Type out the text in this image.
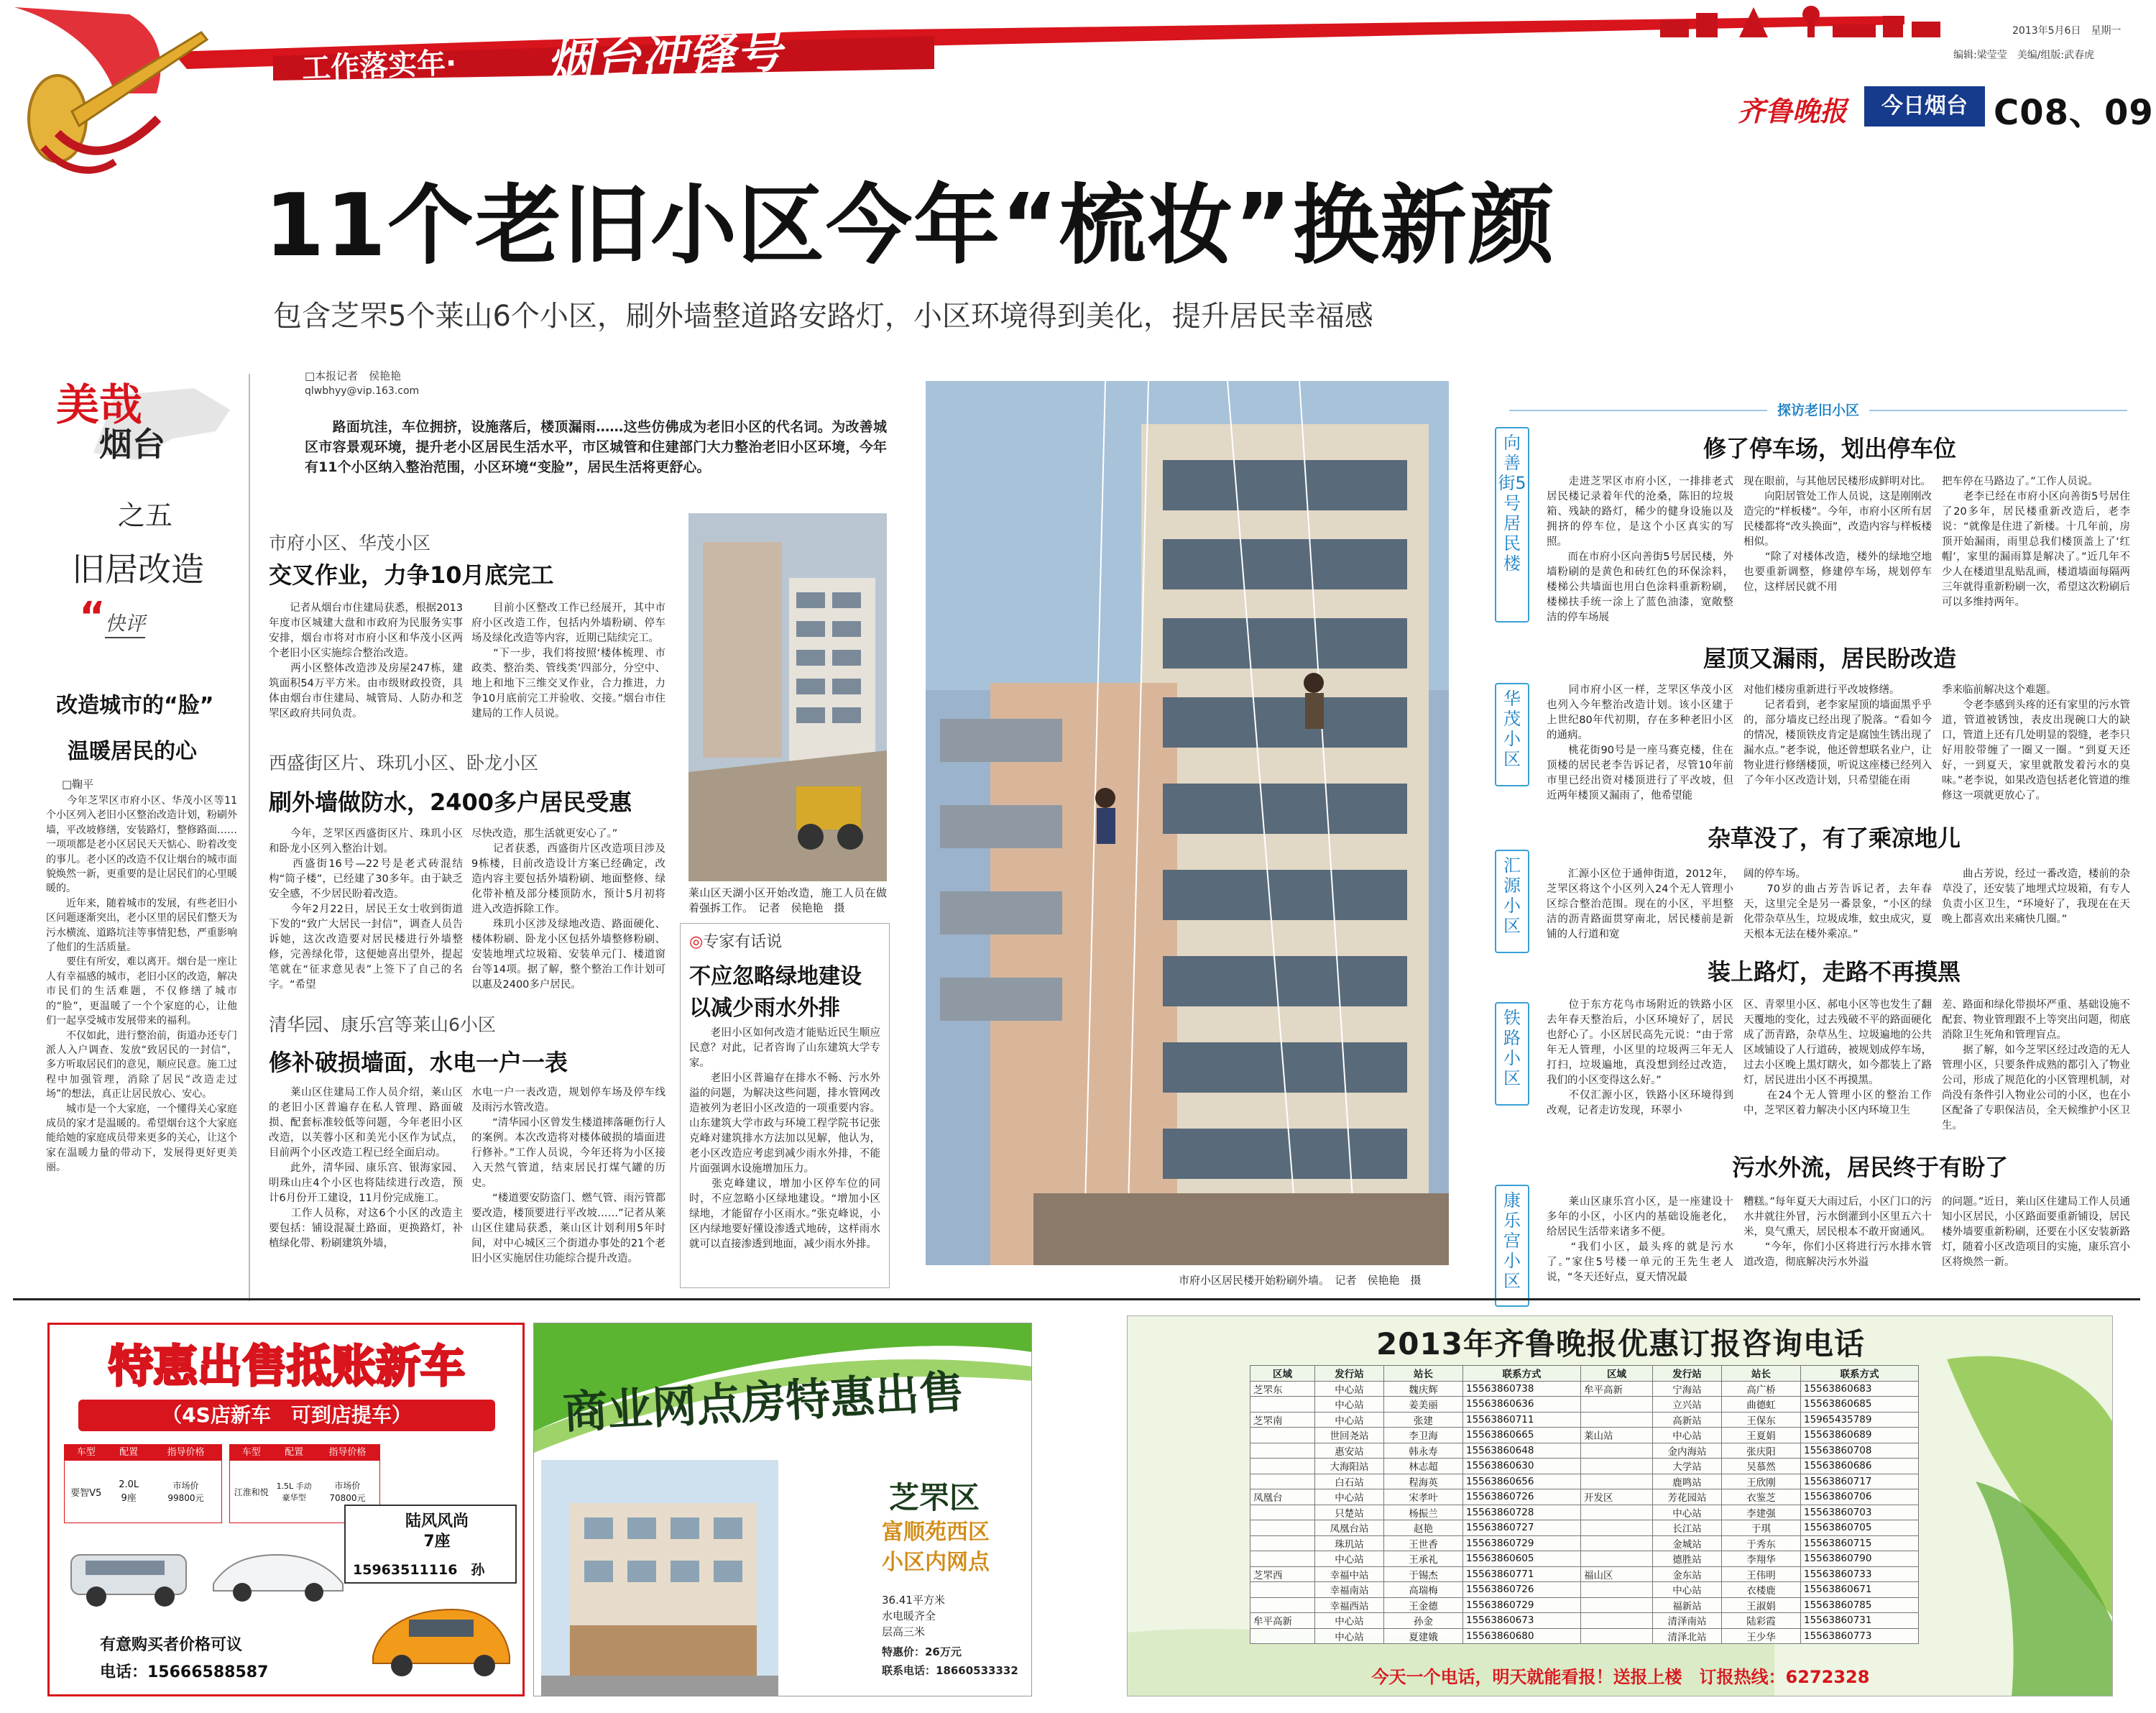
工作落实年· 烟台冲锋号	2013年5月6日　星期一
编辑:梁莹莹　美编/组版:武春虎
齐鲁晚报	今日烟台 C08、09
11个老旧小区今年“梳妆”换新颜
包含芝罘5个莱山6个小区，刷外墙整道路安路灯，小区环境得到美化，提升居民幸福感
美哉
烟台
之五
旧居改造
“ 快评
改造城市的“脸”
温暖居民的心
□鞠平
　　今年芝罘区市府小区、华茂小区等11个小区列入老旧小区整治改造计划，粉刷外墙，平改坡修缮，安装路灯，整修路面……一项项都是老小区居民天天惦心、盼着改变的事儿。老小区的改造不仅让烟台的城市面貌焕然一新，更重要的是让居民们的心里暖暖的。
　　近年来，随着城市的发展，有些老旧小区问题逐渐突出，老小区里的居民们整天为污水横流、道路坑洼等事情犯愁，严重影响了他们的生活质量。
　　要住有所安，难以离开。烟台是一座让人有幸福感的城市，老旧小区的改造，解决市民们的生活难题，不仅修缮了城市的“脸”，更温暖了一个个家庭的心，让他们一起享受城市发展带来的福利。
　　不仅如此，进行整治前，街道办还专门派人入户调查、发放“致居民的一封信”，多方听取居民们的意见，顺应民意。施工过程中加强管理，消除了居民“改造走过场”的想法，真正让居民放心、安心。
　　城市是一个大家庭，一个懂得关心家庭成员的家才是温暖的。希望烟台这个大家庭能给她的家庭成员带来更多的关心，让这个家在温暖力量的带动下，发展得更好更美丽。
□本报记者　侯艳艳
qlwbhyy@vip.163.com
　　路面坑洼，车位拥挤，设施落后，楼顶漏雨……这些仿佛成为老旧小区的代名词。为改善城区市容景观环境，提升老小区居民生活水平，市区城管和住建部门大力整治老旧小区环境，今年有11个小区纳入整治范围，小区环境“变脸”，居民生活将更舒心。
市府小区、华茂小区
交叉作业，力争10月底完工
　　记者从烟台市住建局获悉，根据2013年度市区城建大盘和市政府为民服务实事安排，烟台市将对市府小区和华茂小区两个老旧小区实施综合整治改造。
　　两小区整体改造涉及房屋247栋，建筑面积54万平方米。由市级财政投资，具体由烟台市住建局、城管局、人防办和芝罘区政府共同负责。
　　目前小区整改工作已经展开，其中市府小区改造工作，包括内外墙粉刷、停车场及绿化改造等内容，近期已陆续完工。
　　“下一步，我们将按照‘楼体梳理、市政类、整治类、管线类’四部分，分空中、地上和地下三维交叉作业，合力推进，力争10月底前完工并验收、交接。”烟台市住建局的工作人员说。
西盛街区片、珠玑小区、卧龙小区
刷外墙做防水，2400多户居民受惠
　　今年，芝罘区西盛街区片、珠玑小区和卧龙小区列入整治计划。
　　西盛街16号—22号是老式砖混结构“筒子楼”，已经建了30多年。由于缺乏安全感，不少居民盼着改造。
　　今年2月22日，居民王女士收到街道下发的“致广大居民一封信”，调查人员告诉她，这次改造要对居民楼进行外墙整修，完善绿化带，这便她喜出望外，提起笔就在“征求意见表”上签下了自己的名字。“希望
尽快改造，那生活就更安心了。”
　　记者获悉，西盛街片区改造项目涉及9栋楼，目前改造设计方案已经确定，改造内容主要包括外墙粉刷、地面整修、绿化带补植及部分楼顶防水，预计5月初将进入改造拆除工作。
　　珠玑小区涉及绿地改造、路面硬化、楼体粉刷、卧龙小区包括外墙整修粉刷、安装地埋式垃圾箱、安装单元门、楼道窗台等14项。据了解，整个整治工作计划可以惠及2400多户居民。
清华园、康乐宫等莱山6小区
修补破损墙面，水电一户一表
　　莱山区住建局工作人员介绍，莱山区的老旧小区普遍存在私人管理、路面破损、配套标准较低等问题，今年老旧小区改造，以芙蓉小区和美光小区作为试点，目前两个小区改造工程已经全面启动。
　　此外，清华园、康乐宫、银海家园、明珠山庄4个小区也将陆续进行改造，预计6月份开工建设，11月份完成施工。
　　工作人员称，对这6个小区的改造主要包括：铺设混凝土路面，更换路灯，补植绿化带、粉刷建筑外墙，
水电一户一表改造，规划停车场及停车线及雨污水管改造。
　　“清华园小区曾发生楼道摔落砸伤行人的案例。本次改造将对楼体破损的墙面进行修补。”工作人员说，今年还将为小区接入天然气管道，结束居民打煤气罐的历史。
　　“楼道要安防盗门、燃气管、雨污管都要改造，楼顶要进行平改坡……”记者从莱山区住建局获悉，莱山区计划利用5年时间，对中心城区三个街道办事处的21个老旧小区实施居住功能综合提升改造。
莱山区天湖小区开始改造，施工人员在做着强拆工作。　记者　侯艳艳　摄
◎专家有话说
不应忽略绿地建设
以减少雨水外排
　　老旧小区如何改造才能贴近民生顺应民意？对此，记者咨询了山东建筑大学专家。
　　老旧小区普遍存在排水不畅、污水外溢的问题，为解决这些问题，排水管网改造被列为老旧小区改造的一项重要内容。山东建筑大学市政与环境工程学院书记张克峰对建筑排水方法加以见解，他认为，老小区改造应考虑到减少雨水外排，不能片面强调水设施增加压力。
　　张克峰建议，增加小区停车位的同时，不应忽略小区绿地建设。“增加小区绿地，才能留存小区雨水。”张克峰说，小区内绿地要好懂设渗透式地砖，这样雨水就可以直接渗透到地面，减少雨水外排。
市府小区居民楼开始粉刷外墙。　记者　侯艳艳　摄
探访老旧小区
向善街5号居民楼
修了停车场，划出停车位
　　走进芝罘区市府小区，一排排老式居民楼记录着年代的沧桑，陈旧的垃圾箱、残缺的路灯，稀少的健身设施以及拥挤的停车位，是这个小区真实的写照。
　　而在市府小区向善街5号居民楼，外墙粉刷的是黄色和砖红色的环保涂料，楼梯公共墙面也用白色涂料重新粉刷，楼梯扶手统一涂上了蓝色油漆，宽敞整洁的停车场展
现在眼前，与其他居民楼形成鲜明对比。
　　向阳居管处工作人员说，这是刚刚改造完的“样板楼”。今年，市府小区所有居民楼都将“改头换面”，改造内容与样板楼相似。
　　“除了对楼体改造，楼外的绿地空地也要重新调整，修建停车场，规划停车位，这样居民就不用
把车停在马路边了。”工作人员说。
　　老李已经在市府小区向善街5号居住了20多年，居民楼重新改造后，老李说：“就像是住进了新楼。十几年前，房顶开始漏雨，雨里总我们楼顶盖上了‘红帽’，家里的漏雨算是解决了。”近几年不少人在楼道里乱贴乱画，楼道墙面每隔两三年就得重新粉刷一次，希望这次粉刷后可以多维持两年。
华茂小区
屋顶又漏雨，居民盼改造
　　同市府小区一样，芝罘区华茂小区也列入今年整治改造计划。该小区建于上世纪80年代初期，存在多种老旧小区的通病。
　　桃花街90号是一座马赛克楼，住在顶楼的居民老李告诉记者，尽管10年前市里已经出资对楼顶进行了平改坡，但近两年楼顶又漏雨了，他希望能
对他们楼房重新进行平改坡修缮。
　　记者看到，老李家屋顶的墙面黑乎乎的，部分墙皮已经出现了脱落。“看如今的情况，楼顶铁皮肯定是腐蚀生锈出现了漏水点。”老李说，他还曾想联名业户，让物业进行修缮楼顶，听说这座楼已经列入了今年小区改造计划，只希望能在雨
季来临前解决这个难题。
　　令老李感到头疼的还有家里的污水管道，管道被锈蚀，表皮出现碗口大的缺口，管道上还有几处明显的裂缝，老李只好用胶带缠了一圈又一圈。“到夏天还好，一到夏天，家里就散发着污水的臭味。”老李说，如果改造包括老化管道的维修这一项就更放心了。
汇源小区
杂草没了，有了乘凉地儿
　　汇源小区位于通伸街道，2012年，芝罘区将这个小区列入24个无人管理小区综合整治范围。现在的小区，平坦整洁的沥青路面贯穿南北，居民楼前是新铺的人行道和宽
阔的停车场。
　　70岁的曲占芳告诉记者，去年春天，这里完全是另一番景象，“小区的绿化带杂草丛生，垃圾成堆，蚊虫成灾，夏天根本无法在楼外乘凉。”
　　曲占芳说，经过一番改造，楼前的杂草没了，还安装了地埋式垃圾箱，有专人负责小区卫生，“环境好了，我现在在天晚上都喜欢出来痛快几圈。”
铁路小区
装上路灯，走路不再摸黑
　　位于东方花鸟市场附近的铁路小区去年春天整治后，小区环境好了，居民也舒心了。小区居民高先元说：“由于常年无人管理，小区里的垃圾两三年无人打扫，垃圾遍地，真没想到经过改造，我们的小区变得这么好。”
　　不仅汇源小区，铁路小区环境得到改观，记者走访发现，环翠小
区、青翠里小区、郝电小区等也发生了翻天覆地的变化，过去残破不平的路面硬化成了沥青路，杂草丛生、垃圾遍地的公共区域铺设了人行道砖，被规划成停车场，过去小区晚上黑灯瞎火，如今都装上了路灯，居民进出小区不再摸黑。
　　在24个无人管理小区的整治工作中，芝罘区着力解决小区内环境卫生
差、路面和绿化带损坏严重、基础设施不配套、物业管理跟不上等突出问题，彻底消除卫生死角和管理盲点。
　　据了解，如今芝罘区经过改造的无人管理小区，只要条件成熟的都引入了物业公司，形成了规范化的小区管理机制，对尚没有条件引入物业公司的小区，也在小区配备了专职保洁员，全天候维护小区卫生。
康乐宫小区
污水外流，居民终于有盼了
　　莱山区康乐宫小区，是一座建设十多年的小区，小区内的基础设施老化，给居民生活带来诸多不便。
　　“我们小区，最头疼的就是污水了。”家住5号楼一单元的王先生老人说，“冬天还好点，夏天情况最
糟糕。”每年夏天大雨过后，小区门口的污水井就往外冒，污水倒灌到小区里五六十米，臭气熏天，居民根本不敢开窗通风。
　　“今年，你们小区将进行污水排水管道改造，彻底解决污水外溢
的问题。”近日，莱山区住建局工作人员通知小区居民，小区路面要重新铺设，居民楼外墙要重新粉刷，还要在小区安装新路灯，随着小区改造项目的实施，康乐宫小区将焕然一新。
特惠出售抵账新车
（4S店新车　可到店提车）
车型	配置	指导价格
要智V5
2.0L
9座
市场价
99800元
车型	配置	指导价格
江淮和悦
1.5L 手动豪华型
市场价
70800元
陆风风尚
7座
15963511116　孙
有意购买者价格可议
电话：15666588587
商业网点房特惠出售
芝罘区
富顺苑西区
小区内网点
36.41平方米
水电暖齐全
层高三米
特惠价：26万元
联系电话：18660533332
2013年齐鲁晚报优惠订报咨询电话
区域	发行站	站长	联系方式	区域	发行站	站长	联系方式
芝罘东	中心站	魏庆辉	15563860738	牟平高新	宁海站	高广桥	15563860683
	中心站	姜美丽	15563860636		立兴站	曲德虹	15563860685
芝罘南	中心站	张建	15563860711		高新站	王保东	15965435789
	世回尧站	李卫海	15563860665	莱山站	中心站	王夏娟	15563860689
	惠安站	韩永寿	15563860648		金内海站	张庆阳	15563860708
	大海阳站	林志超	15563860630		大学站	吴慕然	15563860686
	白石站	程海英	15563860656		鹿鸣站	王欣刚	15563860717
凤凰台	中心站	宋孝叶	15563860726	开发区	芳花园站	衣鉴芝	15563860706
	只楚站	杨振兰	15563860728		中心站	李建强	15563860703
	凤凰台站	赵艳	15563860727		长江站	于琪	15563860705
	珠玑站	王世香	15563860729		金城站	于秀东	15563860715
	中心站	王承礼	15563860605		德胜站	李翔华	15563860790
芝罘西	幸福中站	于锡杰	15563860771	福山区	金东站	王伟明	15563860733
	幸福南站	高瑞梅	15563860726		中心站	衣楼鹿	15563860671
	幸福西站	王金德	15563860729		福新站	王淑娟	15563860785
牟平高新	中心站	孙金	15563860673		清泽南站	陆彩霞	15563860731
	中心站	夏建娥	15563860680		清泽北站	王少华	15563860773
今天一个电话，明天就能看报！送报上楼　订报热线：6272328
